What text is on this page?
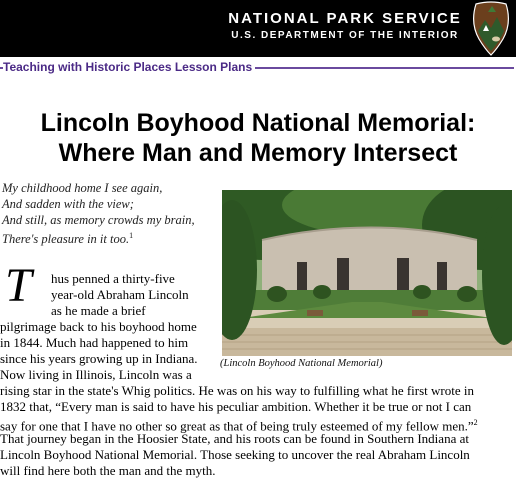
NATIONAL PARK SERVICE
U.S. DEPARTMENT OF THE INTERIOR
Teaching with Historic Places Lesson Plans
Lincoln Boyhood National Memorial:
Where Man and Memory Intersect
My childhood home I see again,
And sadden with the view;
And still, as memory crowds my brain,
There's pleasure in it too.$^1$
(Lincoln Boyhood National Memorial)
T hus penned a thirty-five
year-old Abraham Lincoln
as he made a brief
pilgrimage back to his boyhood home
in 1844. Much had happened to him
since his years growing up in Indiana.
Now living in Illinois, Lincoln was a
rising star in the state's Whig politics. He was on his way to fulfilling what he first wrote in
1832 that, “Every man is said to have his peculiar ambition. Whether it be true or not I can
say for one that I have no other so great as that of being truly esteemed of my fellow men.”$^2$
That journey began in the Hoosier State, and his roots can be found in Southern Indiana at
Lincoln Boyhood National Memorial. Those seeking to uncover the real Abraham Lincoln
will find here both the man and the myth.
